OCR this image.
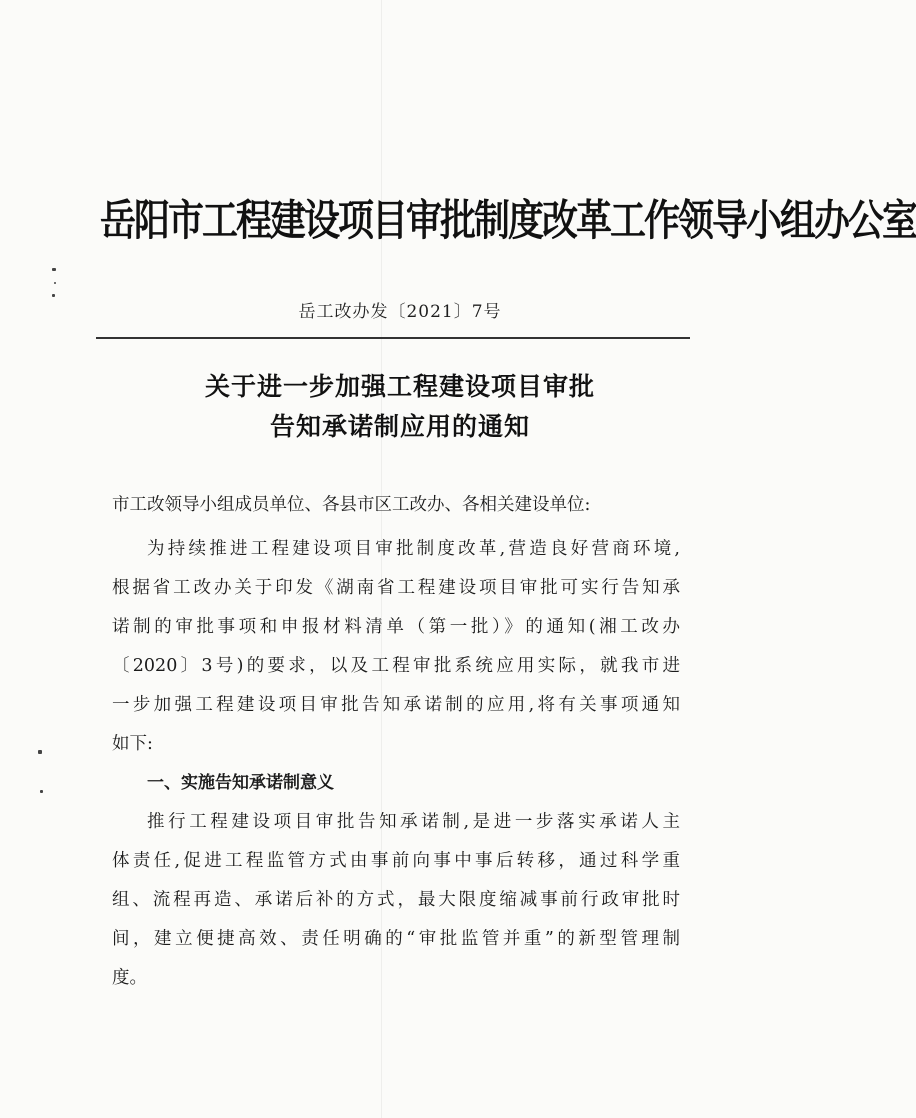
岳阳市工程建设项目审批制度改革工作领导小组办公室
岳工改办发〔2021〕7号
关于进一步加强工程建设项目审批
告知承诺制应用的通知
市工改领导小组成员单位、各县市区工改办、各相关建设单位:
为持续推进工程建设项目审批制度改革,营造良好营商环境,
根据省工改办关于印发《湖南省工程建设项目审批可实行告知承
诺制的审批事项和申报材料清单（第一批）》的通知(湘工改办
〔2020〕3号)的要求，以及工程审批系统应用实际，就我市进
一步加强工程建设项目审批告知承诺制的应用,将有关事项通知
如下:
一、实施告知承诺制意义
推行工程建设项目审批告知承诺制,是进一步落实承诺人主
体责任,促进工程监管方式由事前向事中事后转移，通过科学重
组、流程再造、承诺后补的方式，最大限度缩减事前行政审批时
间，建立便捷高效、责任明确的“审批监管并重”的新型管理制
度。
